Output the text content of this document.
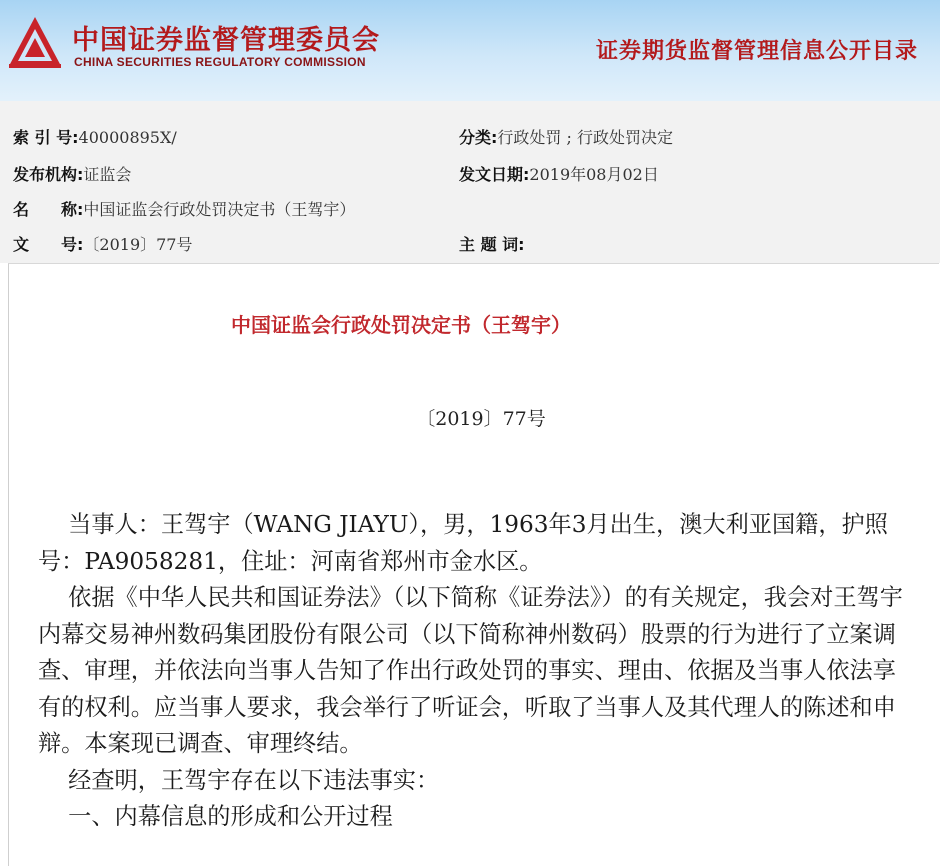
中国证券监督管理委员会
CHINA SECURITIES REGULATORY COMMISSION	证券期货监督管理信息公开目录
索 引 号:40000895X/	分类:行政处罚 ; 行政处罚决定
发布机构:证监会	发文日期:2019年08月02日
名　　称:中国证监会行政处罚决定书（王驾宇）
文　　号:〔2019〕77号	主 题 词:
中国证监会行政处罚决定书（王驾宇）
〔2019〕77号

当事人：王驾宇（WANG JIAYU），男，1963年3月出生，澳大利亚国籍，护照号：PA9058281，住址：河南省郑州市金水区。

依据《中华人民共和国证券法》（以下简称《证券法》）的有关规定，我会对王驾宇内幕交易神州数码集团股份有限公司（以下简称神州数码）股票的行为进行了立案调查、审理，并依法向当事人告知了作出行政处罚的事实、理由、依据及当事人依法享有的权利。应当事人要求，我会举行了听证会，听取了当事人及其代理人的陈述和申辩。本案现已调查、审理终结。

经查明，王驾宇存在以下违法事实：

一、内幕信息的形成和公开过程
